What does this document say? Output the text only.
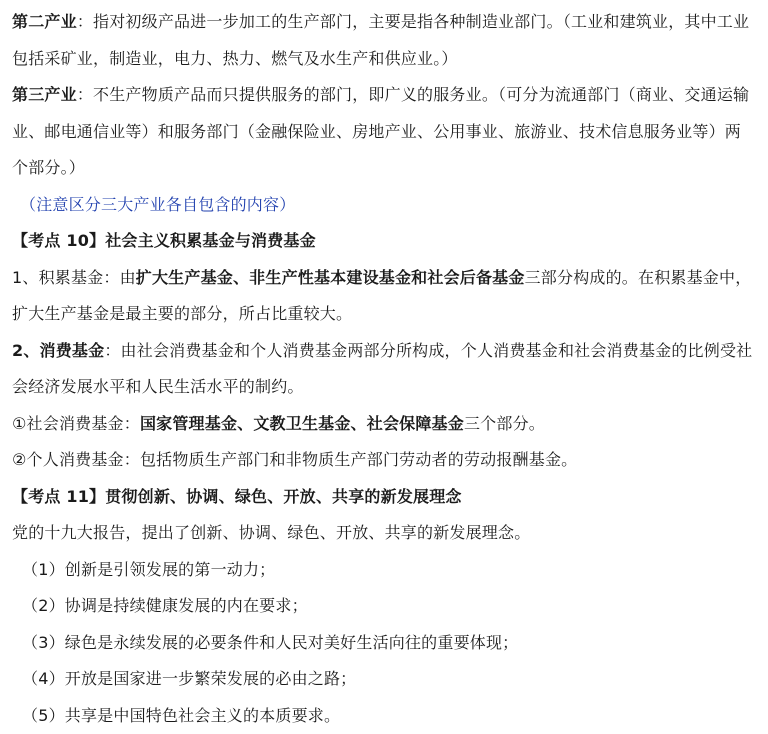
第二产业：指对初级产品进一步加工的生产部门，主要是指各种制造业部门。（工业和建筑业，其中工业包括采矿业，制造业，电力、热力、燃气及水生产和供应业。）

第三产业：不生产物质产品而只提供服务的部门，即广义的服务业。（可分为流通部门（商业、交通运输业、邮电通信业等）和服务部门（金融保险业、房地产业、公用事业、旅游业、技术信息服务业等）两个部分。）

（注意区分三大产业各自包含的内容）

【考点 10】社会主义积累基金与消费基金

1、积累基金：由扩大生产基金、非生产性基本建设基金和社会后备基金三部分构成的。在积累基金中，扩大生产基金是最主要的部分，所占比重较大。

2、消费基金：由社会消费基金和个人消费基金两部分所构成，个人消费基金和社会消费基金的比例受社会经济发展水平和人民生活水平的制约。

①社会消费基金：国家管理基金、文教卫生基金、社会保障基金三个部分。

②个人消费基金：包括物质生产部门和非物质生产部门劳动者的劳动报酬基金。

【考点 11】贯彻创新、协调、绿色、开放、共享的新发展理念

党的十九大报告，提出了创新、协调、绿色、开放、共享的新发展理念。

（1）创新是引领发展的第一动力；

（2）协调是持续健康发展的内在要求；

（3）绿色是永续发展的必要条件和人民对美好生活向往的重要体现；

（4）开放是国家进一步繁荣发展的必由之路；

（5）共享是中国特色社会主义的本质要求。
